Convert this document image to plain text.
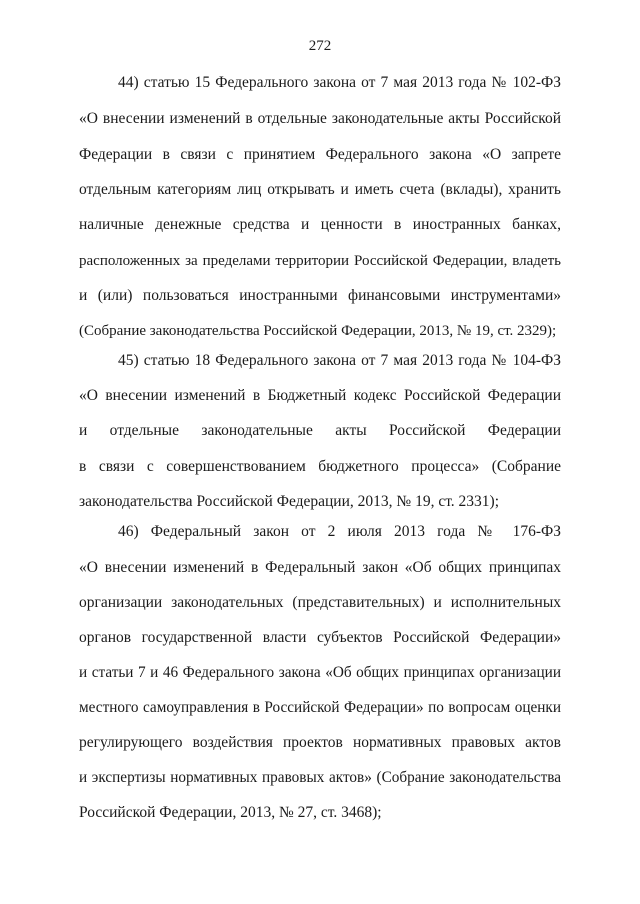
272
44) статью 15 Федерального закона от 7 мая 2013 года № 102-ФЗ
«О внесении изменений в отдельные законодательные акты Российской
Федерации в связи с принятием Федерального закона «О запрете
отдельным категориям лиц открывать и иметь счета (вклады), хранить
наличные денежные средства и ценности в иностранных банках,
расположенных за пределами территории Российской Федерации, владеть
и (или) пользоваться иностранными финансовыми инструментами»
(Собрание законодательства Российской Федерации, 2013, № 19, ст. 2329);
45) статью 18 Федерального закона от 7 мая 2013 года № 104-ФЗ
«О внесении изменений в Бюджетный кодекс Российской Федерации
и отдельные законодательные акты Российской Федерации
в связи с совершенствованием бюджетного процесса» (Собрание
законодательства Российской Федерации, 2013, № 19, ст. 2331);
46) Федеральный закон от 2 июля 2013 года № 176-ФЗ
«О внесении изменений в Федеральный закон «Об общих принципах
организации законодательных (представительных) и исполнительных
органов государственной власти субъектов Российской Федерации»
и статьи 7 и 46 Федерального закона «Об общих принципах организации
местного самоуправления в Российской Федерации» по вопросам оценки
регулирующего воздействия проектов нормативных правовых актов
и экспертизы нормативных правовых актов» (Собрание законодательства
Российской Федерации, 2013, № 27, ст. 3468);
